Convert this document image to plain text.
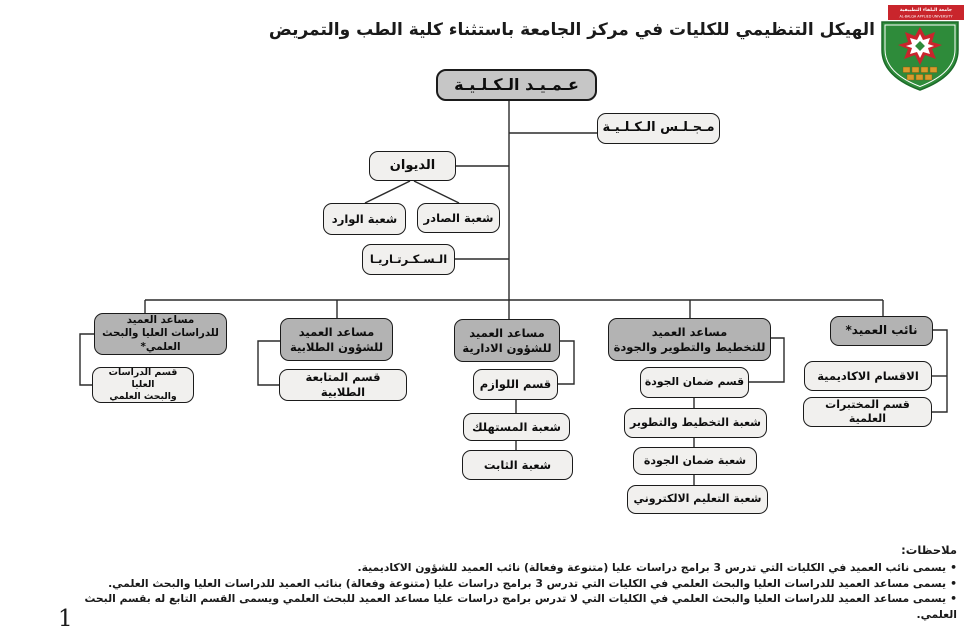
الهيكل التنظيمي للكليات في مركز الجامعة باستثناء كلية الطب والتمريض
جامعة البلقاء التطبيقية
AL-BALQA APPLIED UNIVERSITY
عـمـيـد الـكـلـيـة
مـجـلـس الـكـلـيـة
الديوان
شعبة الوارد شعبة الصادر
الـسـكـرتـاريـا
مساعد العميد
للدراسات العليا والبحث العلمي*
مساعد العميد
للشؤون الطلابية
مساعد العميد
للشؤون الادارية
مساعد العميد
للتخطيط والتطوير والجودة
نائب العميد*
قسم الدراسات العليا
والبحث العلمي
قسم المتابعة الطلابية
قسم اللوازم
شعبة المستهلك
شعبة الثابت
قسم ضمان الجودة
شعبة التخطيط والتطوير
شعبة ضمان الجودة
شعبة التعليم الالكتروني
الاقسام الاكاديمية
قسم المختبرات العلمية
ملاحظات:
•يسمى نائب العميد في الكليات التي تدرس 3 برامج دراسات عليا (متنوعة وفعالة) نائب العميد للشؤون الاكاديمية.
•يسمى مساعد العميد للدراسات العليا والبحث العلمي في الكليات التي تدرس 3 برامج دراسات عليا (متنوعة وفعالة) بنائب العميد للدراسات العليا والبحث العلمي.
•يسمى مساعد العميد للدراسات العليا والبحث العلمي في الكليات التي لا تدرس برامج دراسات عليا مساعد العميد للبحث العلمي ويسمى القسم التابع له بقسم البحث العلمي.
1
